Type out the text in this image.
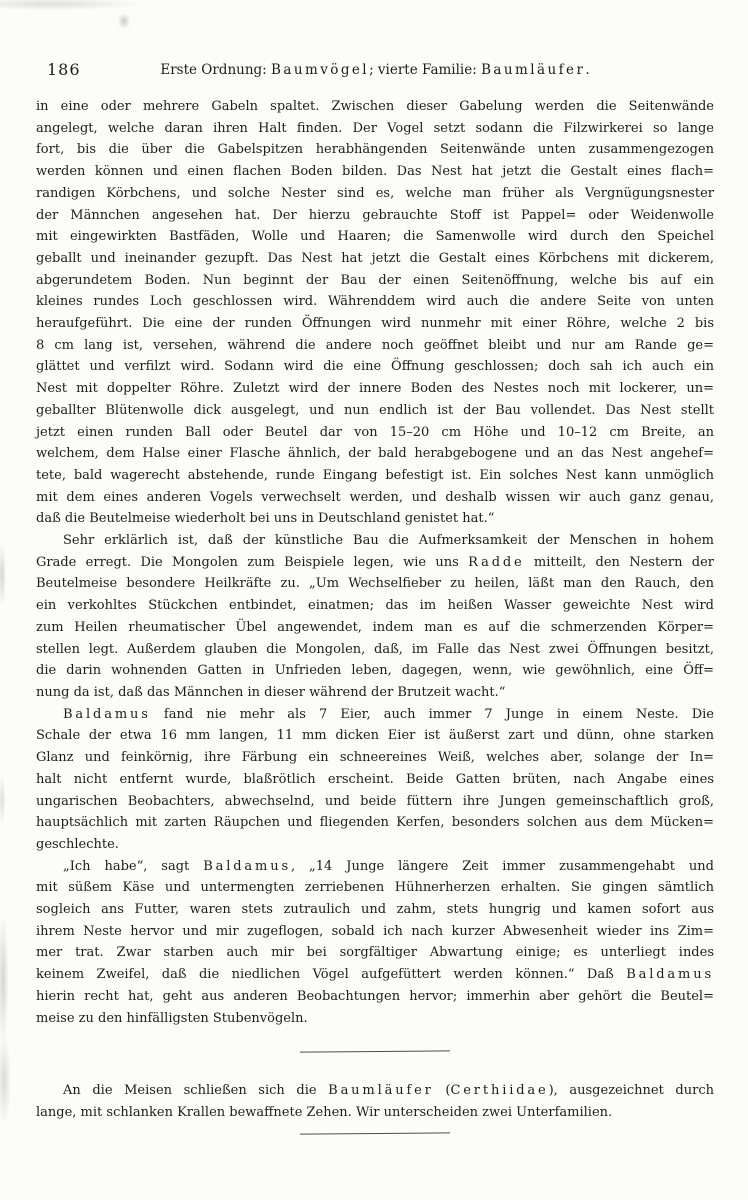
186	Erste Ordnung: Baumvögel; vierte Familie: Baumläufer.
in eine oder mehrere Gabeln spaltet. Zwischen dieser Gabelung werden die Seitenwände
angelegt, welche daran ihren Halt finden. Der Vogel setzt sodann die Filzwirkerei so lange
fort, bis die über die Gabelspitzen herabhängenden Seitenwände unten zusammengezogen
werden können und einen flachen Boden bilden. Das Nest hat jetzt die Gestalt eines flach=
randigen Körbchens, und solche Nester sind es, welche man früher als Vergnügungsnester
der Männchen angesehen hat. Der hierzu gebrauchte Stoff ist Pappel= oder Weidenwolle
mit eingewirkten Bastfäden, Wolle und Haaren; die Samenwolle wird durch den Speichel
geballt und ineinander gezupft. Das Nest hat jetzt die Gestalt eines Körbchens mit dickerem,
abgerundetem Boden. Nun beginnt der Bau der einen Seitenöffnung, welche bis auf ein
kleines rundes Loch geschlossen wird. Währenddem wird auch die andere Seite von unten
heraufgeführt. Die eine der runden Öffnungen wird nunmehr mit einer Röhre, welche 2 bis
8 cm lang ist, versehen, während die andere noch geöffnet bleibt und nur am Rande ge=
glättet und verfilzt wird. Sodann wird die eine Öffnung geschlossen; doch sah ich auch ein
Nest mit doppelter Röhre. Zuletzt wird der innere Boden des Nestes noch mit lockerer, un=
geballter Blütenwolle dick ausgelegt, und nun endlich ist der Bau vollendet. Das Nest stellt
jetzt einen runden Ball oder Beutel dar von 15–20 cm Höhe und 10–12 cm Breite, an
welchem, dem Halse einer Flasche ähnlich, der bald herabgebogene und an das Nest angehef=
tete, bald wagerecht abstehende, runde Eingang befestigt ist. Ein solches Nest kann unmöglich
mit dem eines anderen Vogels verwechselt werden, und deshalb wissen wir auch ganz genau,
daß die Beutelmeise wiederholt bei uns in Deutschland genistet hat.“
Sehr erklärlich ist, daß der künstliche Bau die Aufmerksamkeit der Menschen in hohem
Grade erregt. Die Mongolen zum Beispiele legen, wie uns Radde mitteilt, den Nestern der
Beutelmeise besondere Heilkräfte zu. „Um Wechselfieber zu heilen, läßt man den Rauch, den
ein verkohltes Stückchen entbindet, einatmen; das im heißen Wasser geweichte Nest wird
zum Heilen rheumatischer Übel angewendet, indem man es auf die schmerzenden Körper=
stellen legt. Außerdem glauben die Mongolen, daß, im Falle das Nest zwei Öffnungen besitzt,
die darin wohnenden Gatten in Unfrieden leben, dagegen, wenn, wie gewöhnlich, eine Öff=
nung da ist, daß das Männchen in dieser während der Brutzeit wacht.“
Baldamus fand nie mehr als 7 Eier, auch immer 7 Junge in einem Neste. Die
Schale der etwa 16 mm langen, 11 mm dicken Eier ist äußerst zart und dünn, ohne starken
Glanz und feinkörnig, ihre Färbung ein schneereines Weiß, welches aber, solange der In=
halt nicht entfernt wurde, blaßrötlich erscheint. Beide Gatten brüten, nach Angabe eines
ungarischen Beobachters, abwechselnd, und beide füttern ihre Jungen gemeinschaftlich groß,
hauptsächlich mit zarten Räupchen und fliegenden Kerfen, besonders solchen aus dem Mücken=
geschlechte.
„Ich habe“, sagt Baldamus, „14 Junge längere Zeit immer zusammengehabt und
mit süßem Käse und untermengten zerriebenen Hühnerherzen erhalten. Sie gingen sämtlich
sogleich ans Futter, waren stets zutraulich und zahm, stets hungrig und kamen sofort aus
ihrem Neste hervor und mir zugeflogen, sobald ich nach kurzer Abwesenheit wieder ins Zim=
mer trat. Zwar starben auch mir bei sorgfältiger Abwartung einige; es unterliegt indes
keinem Zweifel, daß die niedlichen Vögel aufgefüttert werden können.“ Daß Baldamus
hierin recht hat, geht aus anderen Beobachtungen hervor; immerhin aber gehört die Beutel=
meise zu den hinfälligsten Stubenvögeln.
An die Meisen schließen sich die Baumläufer (Certhiidae), ausgezeichnet durch
lange, mit schlanken Krallen bewaffnete Zehen. Wir unterscheiden zwei Unterfamilien.
